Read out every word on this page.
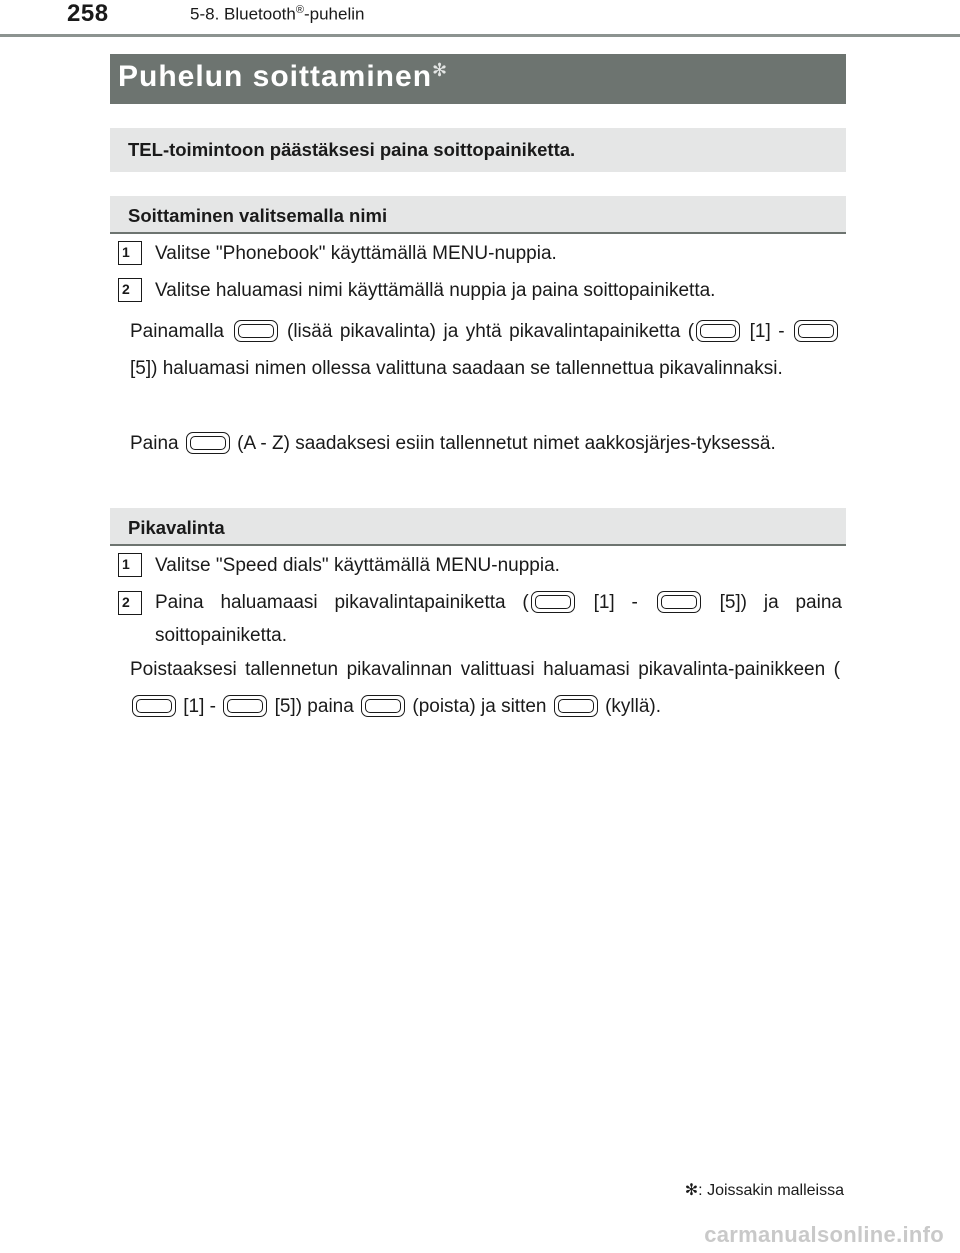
258	5-8. Bluetooth®-puhelin
Puhelun soittaminen✻
TEL-toimintoon päästäksesi paina soittopainiketta.
Soittaminen valitsemalla nimi
1	Valitse "Phonebook" käyttämällä MENU-nuppia.
2	Valitse haluamasi nimi käyttämällä nuppia ja paina soittopainiketta.
Painamalla	(lisää pikavalinta) ja yhtä pikavalintapainiketta (	[1] -  [5]) haluamasi nimen ollessa valittuna saadaan se tallennettua pikavalinnaksi.
Paina	(A - Z) saadaksesi esiin tallennetut nimet aakkosjärjes-tyksessä.
Pikavalinta
1	Valitse "Speed dials" käyttämällä MENU-nuppia.
2	Paina haluamaasi pikavalintapainiketta (	[1] -	[5]) ja paina soittopainiketta.
Poistaaksesi tallennetun pikavalinnan valittuasi haluamasi pikavalinta-painikkeen ( [1] -	[5]) paina	(poista) ja sitten	(kyllä).
✻: Joissakin malleissa
carmanualsonline.info
